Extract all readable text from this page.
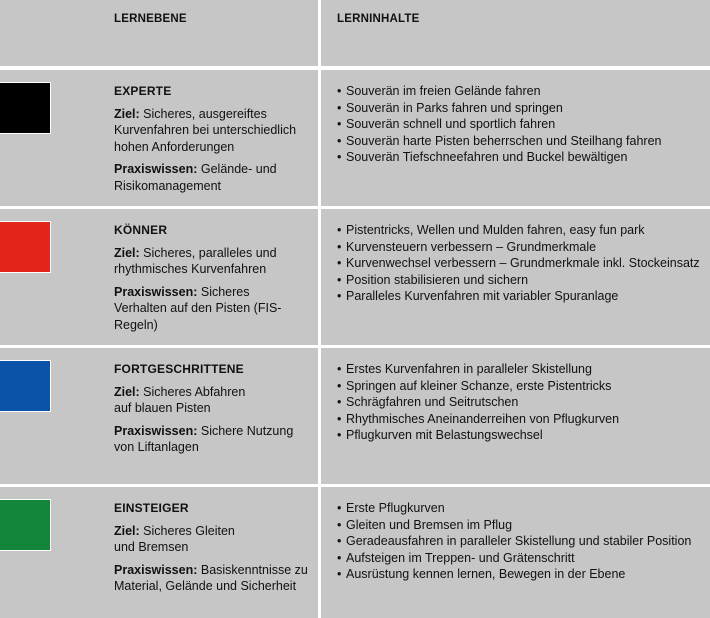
LERNEBENE	LERNINHALTE
EXPERTE

Ziel: Sicheres, ausgereiftes Kurvenfahren bei unterschiedlich hohen Anforderungen

Praxiswissen: Gelände- und Risikomanagement

• Souverän im freien Gelände fahren
• Souverän in Parks fahren und springen
• Souverän schnell und sportlich fahren
• Souverän harte Pisten beherrschen und Steilhang fahren
• Souverän Tiefschneefahren und Buckel bewältigen
KÖNNER

Ziel: Sicheres, paralleles und rhythmisches Kurvenfahren

Praxiswissen: Sicheres Verhalten auf den Pisten (FIS-Regeln)

• Pistentricks, Wellen und Mulden fahren, easy fun park
• Kurvensteuern verbessern – Grundmerkmale
• Kurvenwechsel verbessern – Grundmerkmale inkl. Stockeinsatz
• Position stabilisieren und sichern
• Paralleles Kurvenfahren mit variabler Spuranlage
FORTGESCHRITTENE

Ziel: Sicheres Abfahren auf blauen Pisten

Praxiswissen: Sichere Nutzung von Liftanlagen

• Erstes Kurvenfahren in paralleler Skistellung
• Springen auf kleiner Schanze, erste Pistentricks
• Schrägfahren und Seitrutschen
• Rhythmisches Aneinanderreihen von Pflugkurven
• Pflugkurven mit Belastungswechsel
EINSTEIGER

Ziel: Sicheres Gleiten und Bremsen

Praxiswissen: Basiskenntnisse zu Material, Gelände und Sicherheit

• Erste Pflugkurven
• Gleiten und Bremsen im Pflug
• Geradeausfahren in paralleler Skistellung und stabiler Position
• Aufsteigen im Treppen- und Grätenschritt
• Ausrüstung kennen lernen, Bewegen in der Ebene
